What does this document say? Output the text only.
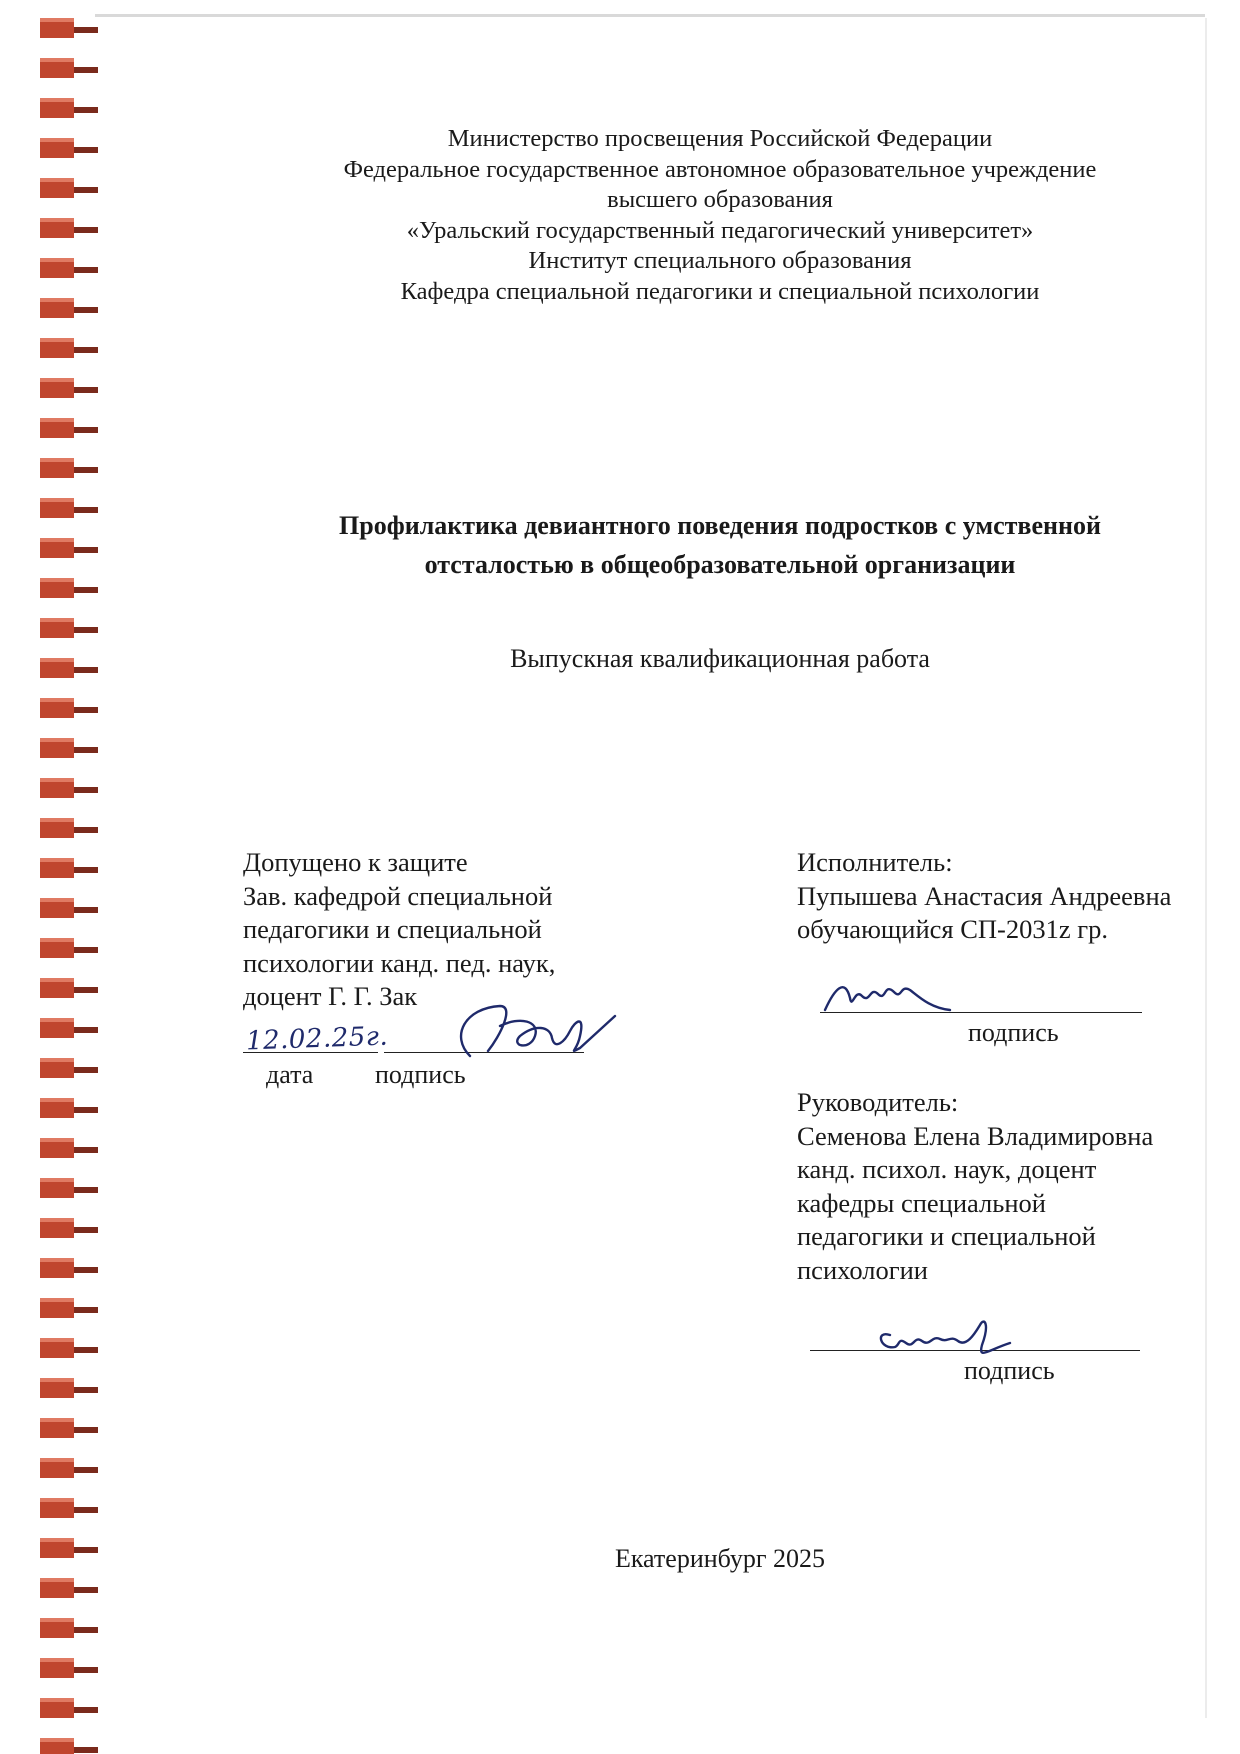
Министерство просвещения Российской Федерации
Федеральное государственное автономное образовательное учреждение
высшего образования
«Уральский государственный педагогический университет»
Институт специального образования
Кафедра специальной педагогики и специальной психологии
Профилактика девиантного поведения подростков с умственной
отсталостью в общеобразовательной организации
Выпускная квалификационная работа
Допущено к защите
Зав. кафедрой специальной
педагогики и специальной
психологии канд. пед. наук,
доцент Г. Г. Зак
12.02.25г.
дата подпись
Исполнитель:
Пупышева Анастасия Андреевна
обучающийся СП-2031z гр.
подпись
Руководитель:
Семенова Елена Владимировна
канд. психол. наук, доцент
кафедры специальной
педагогики и специальной
психологии
подпись
Екатеринбург 2025
